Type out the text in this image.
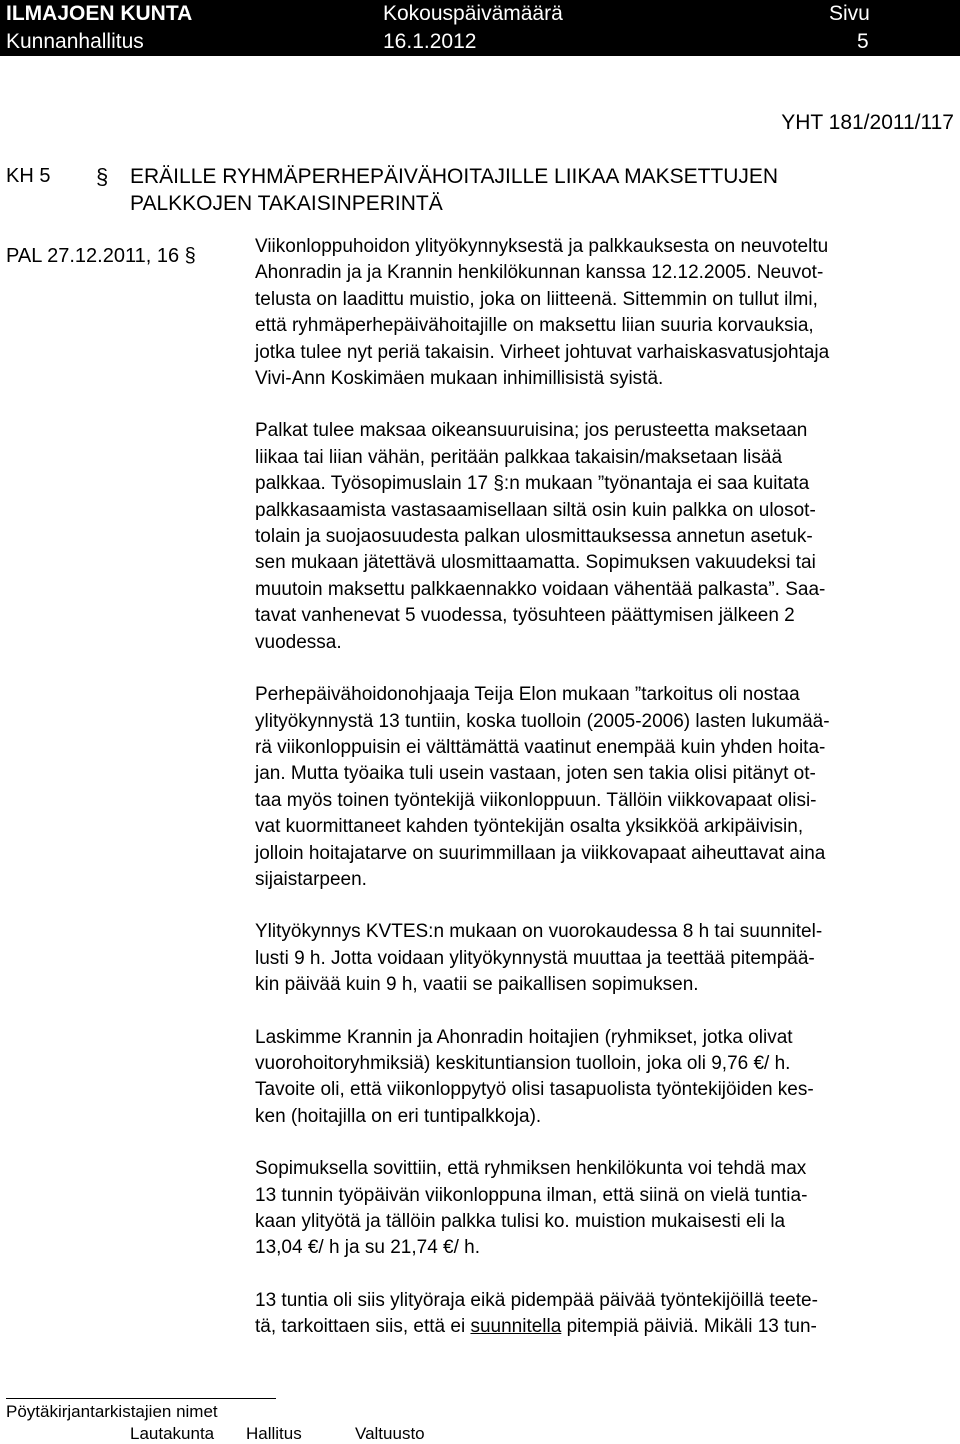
ILMAJOEN KUNTA	Kokouspäivämäärä	Sivu
Kunnanhallitus	16.1.2012	5
YHT 181/2011/117
KH 5 § ERÄILLE RYHMÄPERHEPÄIVÄHOITAJILLE LIIKAA MAKSETTUJEN
PALKKOJEN TAKAISINPERINTÄ
PAL 27.12.2011, 16 §	Viikonloppuhoidon ylityökynnyksestä ja palkkauksesta on neuvoteltu
Ahonradin ja ja Krannin henkilökunnan kanssa 12.12.2005. Neuvot-
telusta on laadittu muistio, joka on liitteenä. Sittemmin on tullut ilmi,
että ryhmäperhepäivähoitajille on maksettu liian suuria korvauksia,
jotka tulee nyt periä takaisin. Virheet johtuvat varhaiskasvatusjohtaja
Vivi-Ann Koskimäen mukaan inhimillisistä syistä.

Palkat tulee maksaa oikeansuuruisina; jos perusteetta maksetaan
liikaa tai liian vähän, peritään palkkaa takaisin/maksetaan lisää
palkkaa. Työsopimuslain 17 §:n mukaan ”työnantaja ei saa kuitata
palkkasaamista vastasaamisellaan siltä osin kuin palkka on ulosot-
tolain ja suojaosuudesta palkan ulosmittauksessa annetun asetuk-
sen mukaan jätettävä ulosmittaamatta. Sopimuksen vakuudeksi tai
muutoin maksettu palkkaennakko voidaan vähentää palkasta”. Saa-
tavat vanhenevat 5 vuodessa, työsuhteen päättymisen jälkeen 2
vuodessa.

Perhepäivähoidonohjaaja Teija Elon mukaan ”tarkoitus oli nostaa
ylityökynnystä 13 tuntiin, koska tuolloin (2005-2006) lasten lukumää-
rä viikonloppuisin ei välttämättä vaatinut enempää kuin yhden hoita-
jan. Mutta työaika tuli usein vastaan, joten sen takia olisi pitänyt ot-
taa myös toinen työntekijä viikonloppuun. Tällöin viikkovapaat olisi-
vat kuormittaneet kahden työntekijän osalta yksikköä arkipäivisin,
jolloin hoitajatarve on suurimmillaan ja viikkovapaat aiheuttavat aina
sijaistarpeen.

Ylityökynnys KVTES:n mukaan on vuorokaudessa 8 h tai suunnitel-
lusti 9 h. Jotta voidaan ylityökynnystä muuttaa ja teettää pitempää-
kin päivää kuin 9 h, vaatii se paikallisen sopimuksen.

Laskimme Krannin ja Ahonradin hoitajien (ryhmikset, jotka olivat
vuorohoitoryhmiksiä) keskituntiansion tuolloin, joka oli 9,76 €/ h.
Tavoite oli, että viikonloppytyö olisi tasapuolista työntekijöiden kes-
ken (hoitajilla on eri tuntipalkkoja).

Sopimuksella sovittiin, että ryhmiksen henkilökunta voi tehdä max
13 tunnin työpäivän viikonloppuna ilman, että siinä on vielä tuntia-
kaan ylityötä ja tällöin palkka tulisi ko. muistion mukaisesti eli la
13,04 €/ h ja su 21,74 €/ h.

13 tuntia oli siis ylityöraja eikä pidempää päivää työntekijöillä teete-
tä, tarkoittaen siis, että ei suunnitella pitempiä päiviä. Mikäli 13 tun-

Pöytäkirjantarkistajien nimet
Lautakunta Hallitus	Valtuusto
